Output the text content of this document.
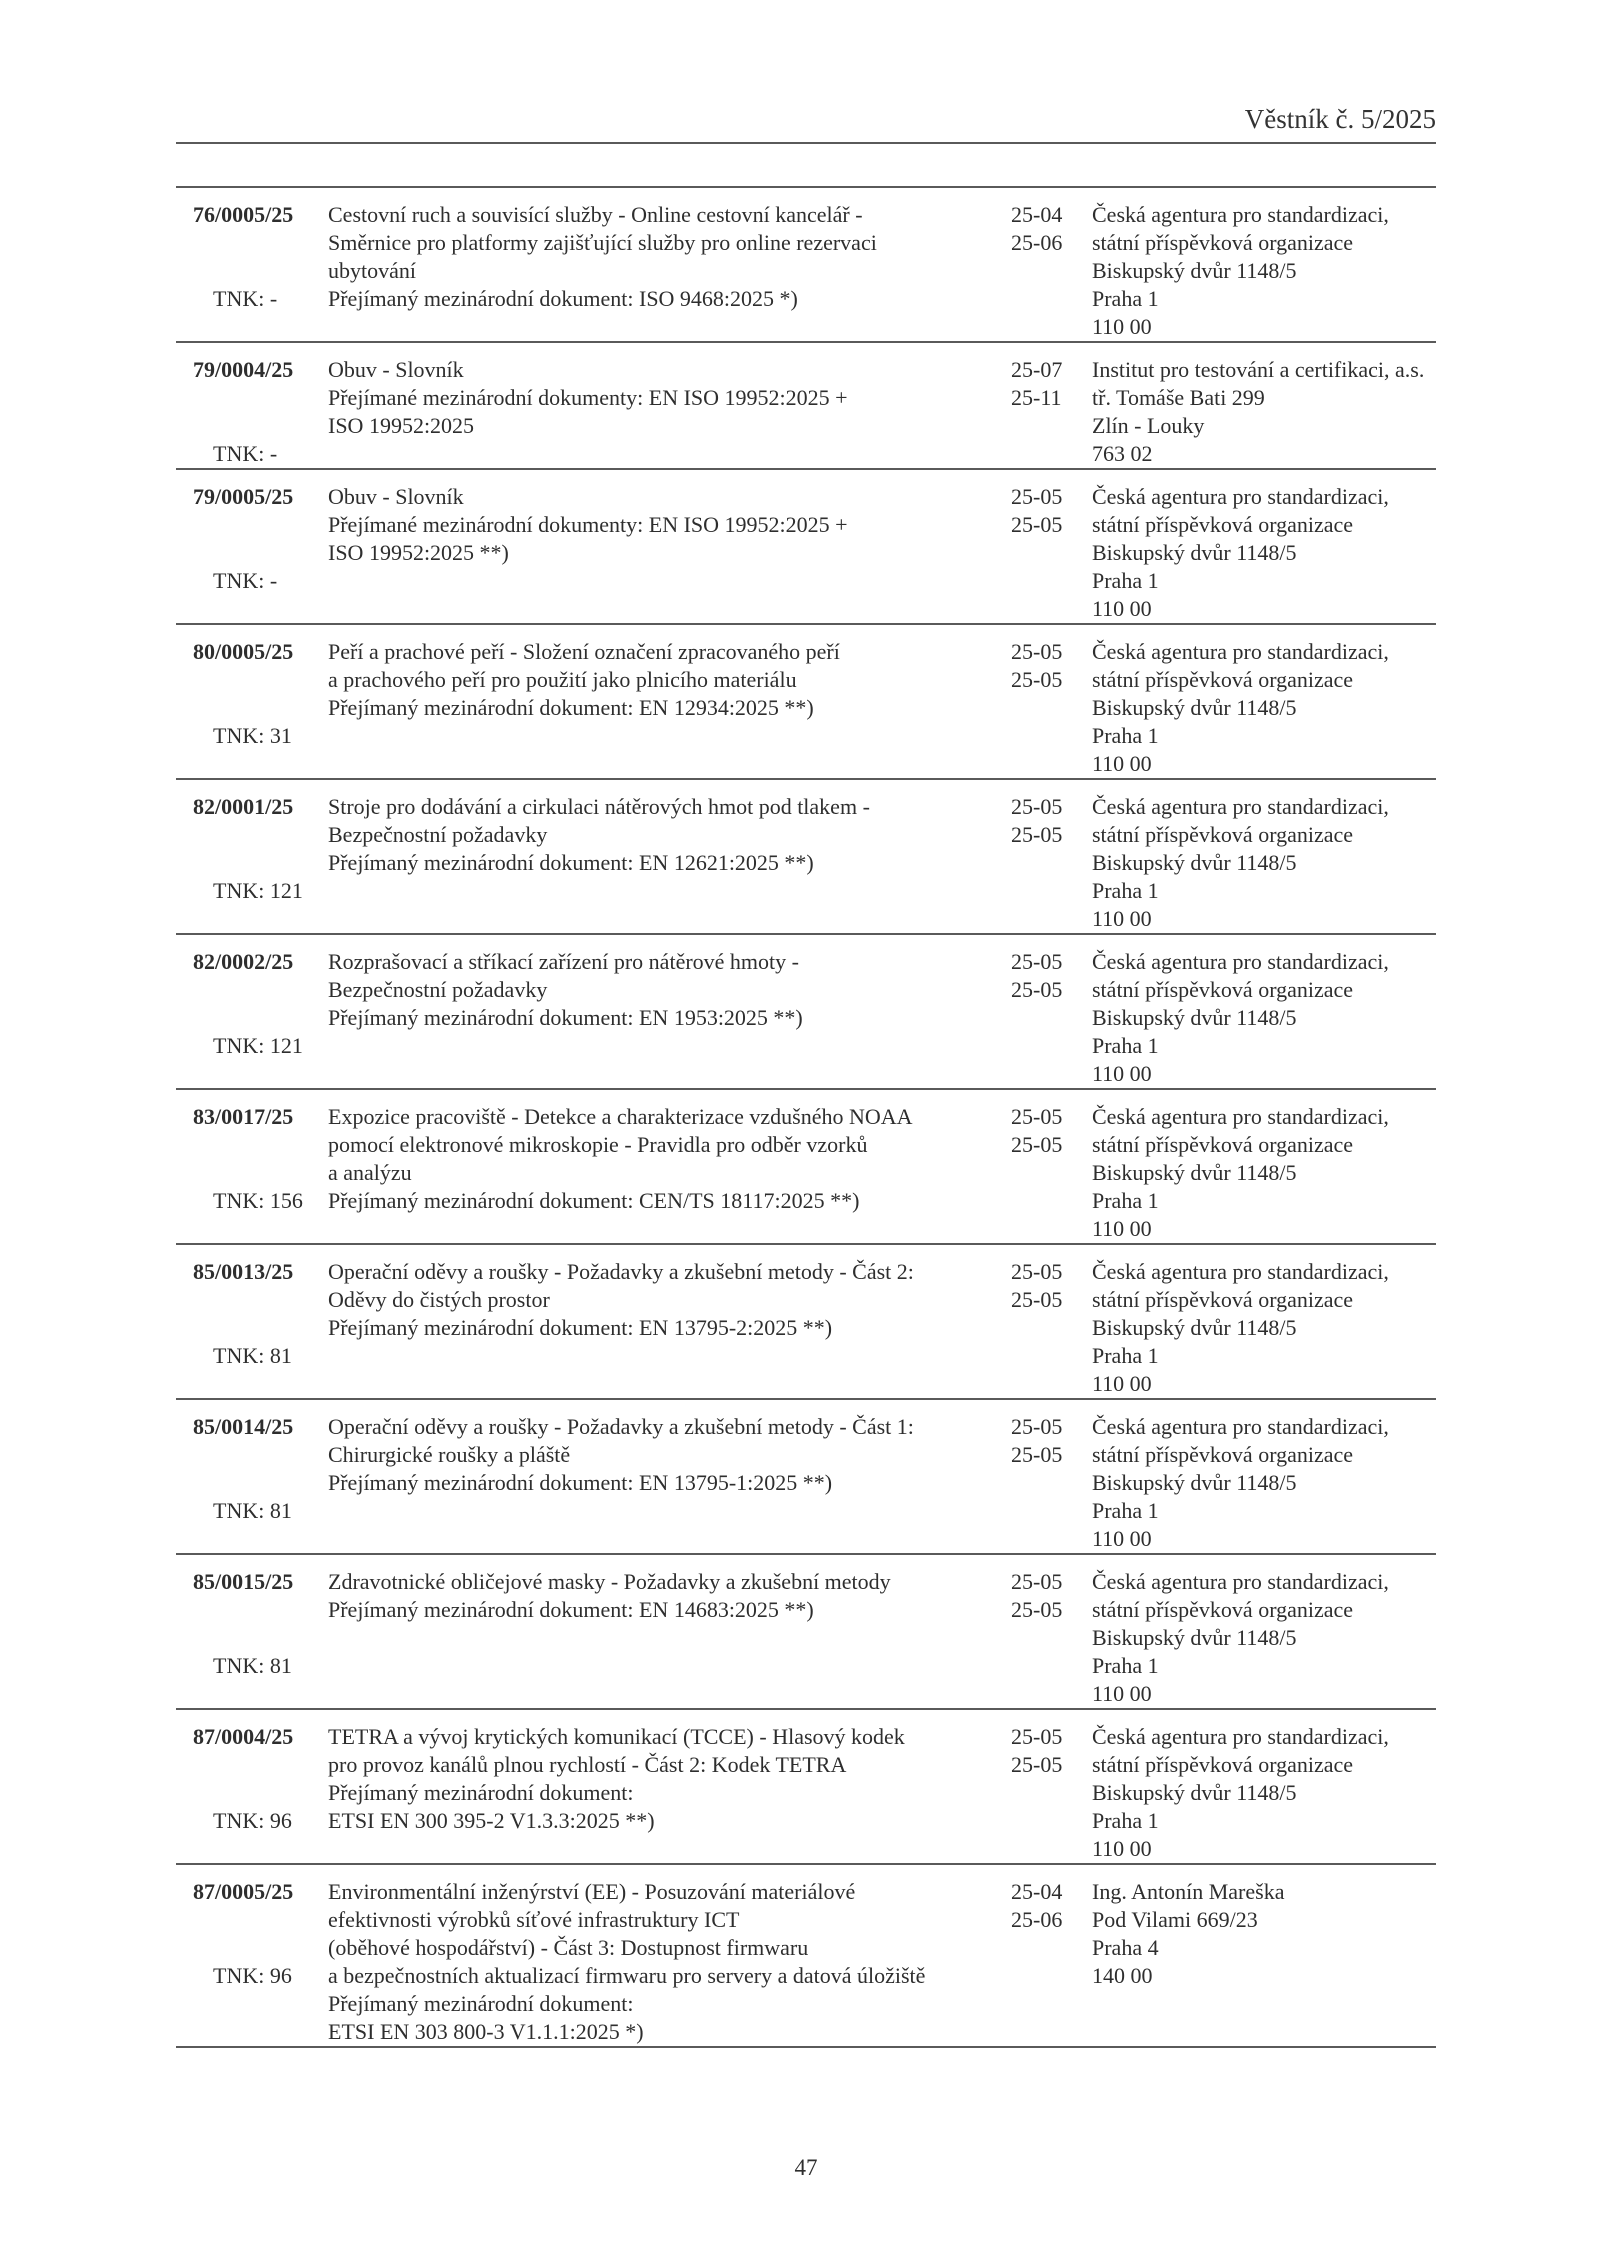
Věstník č. 5/2025
76/0005/25
TNK: -
Cestovní ruch a souvisící služby - Online cestovní kancelář -
Směrnice pro platformy zajišťující služby pro online rezervaci
ubytování
Přejímaný mezinárodní dokument: ISO 9468:2025 *)
25-04
25-06
Česká agentura pro standardizaci,
státní příspěvková organizace
Biskupský dvůr 1148/5
Praha 1
110 00
79/0004/25
TNK: -
Obuv - Slovník
Přejímané mezinárodní dokumenty: EN ISO 19952:2025 +
ISO 19952:2025
25-07
25-11
Institut pro testování a certifikaci, a.s.
tř. Tomáše Bati 299
Zlín - Louky
763 02
79/0005/25
TNK: -
Obuv - Slovník
Přejímané mezinárodní dokumenty: EN ISO 19952:2025 +
ISO 19952:2025 **)
25-05
25-05
Česká agentura pro standardizaci,
státní příspěvková organizace
Biskupský dvůr 1148/5
Praha 1
110 00
80/0005/25
TNK: 31
Peří a prachové peří - Složení označení zpracovaného peří
a prachového peří pro použití jako plnicího materiálu
Přejímaný mezinárodní dokument: EN 12934:2025 **)
25-05
25-05
Česká agentura pro standardizaci,
státní příspěvková organizace
Biskupský dvůr 1148/5
Praha 1
110 00
82/0001/25
TNK: 121
Stroje pro dodávání a cirkulaci nátěrových hmot pod tlakem -
Bezpečnostní požadavky
Přejímaný mezinárodní dokument: EN 12621:2025 **)
25-05
25-05
Česká agentura pro standardizaci,
státní příspěvková organizace
Biskupský dvůr 1148/5
Praha 1
110 00
82/0002/25
TNK: 121
Rozprašovací a stříkací zařízení pro nátěrové hmoty -
Bezpečnostní požadavky
Přejímaný mezinárodní dokument: EN 1953:2025 **)
25-05
25-05
Česká agentura pro standardizaci,
státní příspěvková organizace
Biskupský dvůr 1148/5
Praha 1
110 00
83/0017/25
TNK: 156
Expozice pracoviště - Detekce a charakterizace vzdušného NOAA
pomocí elektronové mikroskopie - Pravidla pro odběr vzorků
a analýzu
Přejímaný mezinárodní dokument: CEN/TS 18117:2025 **)
25-05
25-05
Česká agentura pro standardizaci,
státní příspěvková organizace
Biskupský dvůr 1148/5
Praha 1
110 00
85/0013/25
TNK: 81
Operační oděvy a roušky - Požadavky a zkušební metody - Část 2:
Oděvy do čistých prostor
Přejímaný mezinárodní dokument: EN 13795-2:2025 **)
25-05
25-05
Česká agentura pro standardizaci,
státní příspěvková organizace
Biskupský dvůr 1148/5
Praha 1
110 00
85/0014/25
TNK: 81
Operační oděvy a roušky - Požadavky a zkušební metody - Část 1:
Chirurgické roušky a pláště
Přejímaný mezinárodní dokument: EN 13795-1:2025 **)
25-05
25-05
Česká agentura pro standardizaci,
státní příspěvková organizace
Biskupský dvůr 1148/5
Praha 1
110 00
85/0015/25
TNK: 81
Zdravotnické obličejové masky - Požadavky a zkušební metody
Přejímaný mezinárodní dokument: EN 14683:2025 **)
25-05
25-05
Česká agentura pro standardizaci,
státní příspěvková organizace
Biskupský dvůr 1148/5
Praha 1
110 00
87/0004/25
TNK: 96
TETRA a vývoj krytických komunikací (TCCE) - Hlasový kodek
pro provoz kanálů plnou rychlostí - Část 2: Kodek TETRA
Přejímaný mezinárodní dokument:
ETSI EN 300 395-2 V1.3.3:2025 **)
25-05
25-05
Česká agentura pro standardizaci,
státní příspěvková organizace
Biskupský dvůr 1148/5
Praha 1
110 00
87/0005/25
TNK: 96
Environmentální inženýrství (EE) - Posuzování materiálové
efektivnosti výrobků síťové infrastruktury ICT
(oběhové hospodářství) - Část 3: Dostupnost firmwaru
a bezpečnostních aktualizací firmwaru pro servery a datová úložiště
Přejímaný mezinárodní dokument:
ETSI EN 303 800-3 V1.1.1:2025 *)
25-04
25-06
Ing. Antonín Mareška
Pod Vilami 669/23
Praha 4
140 00
47
